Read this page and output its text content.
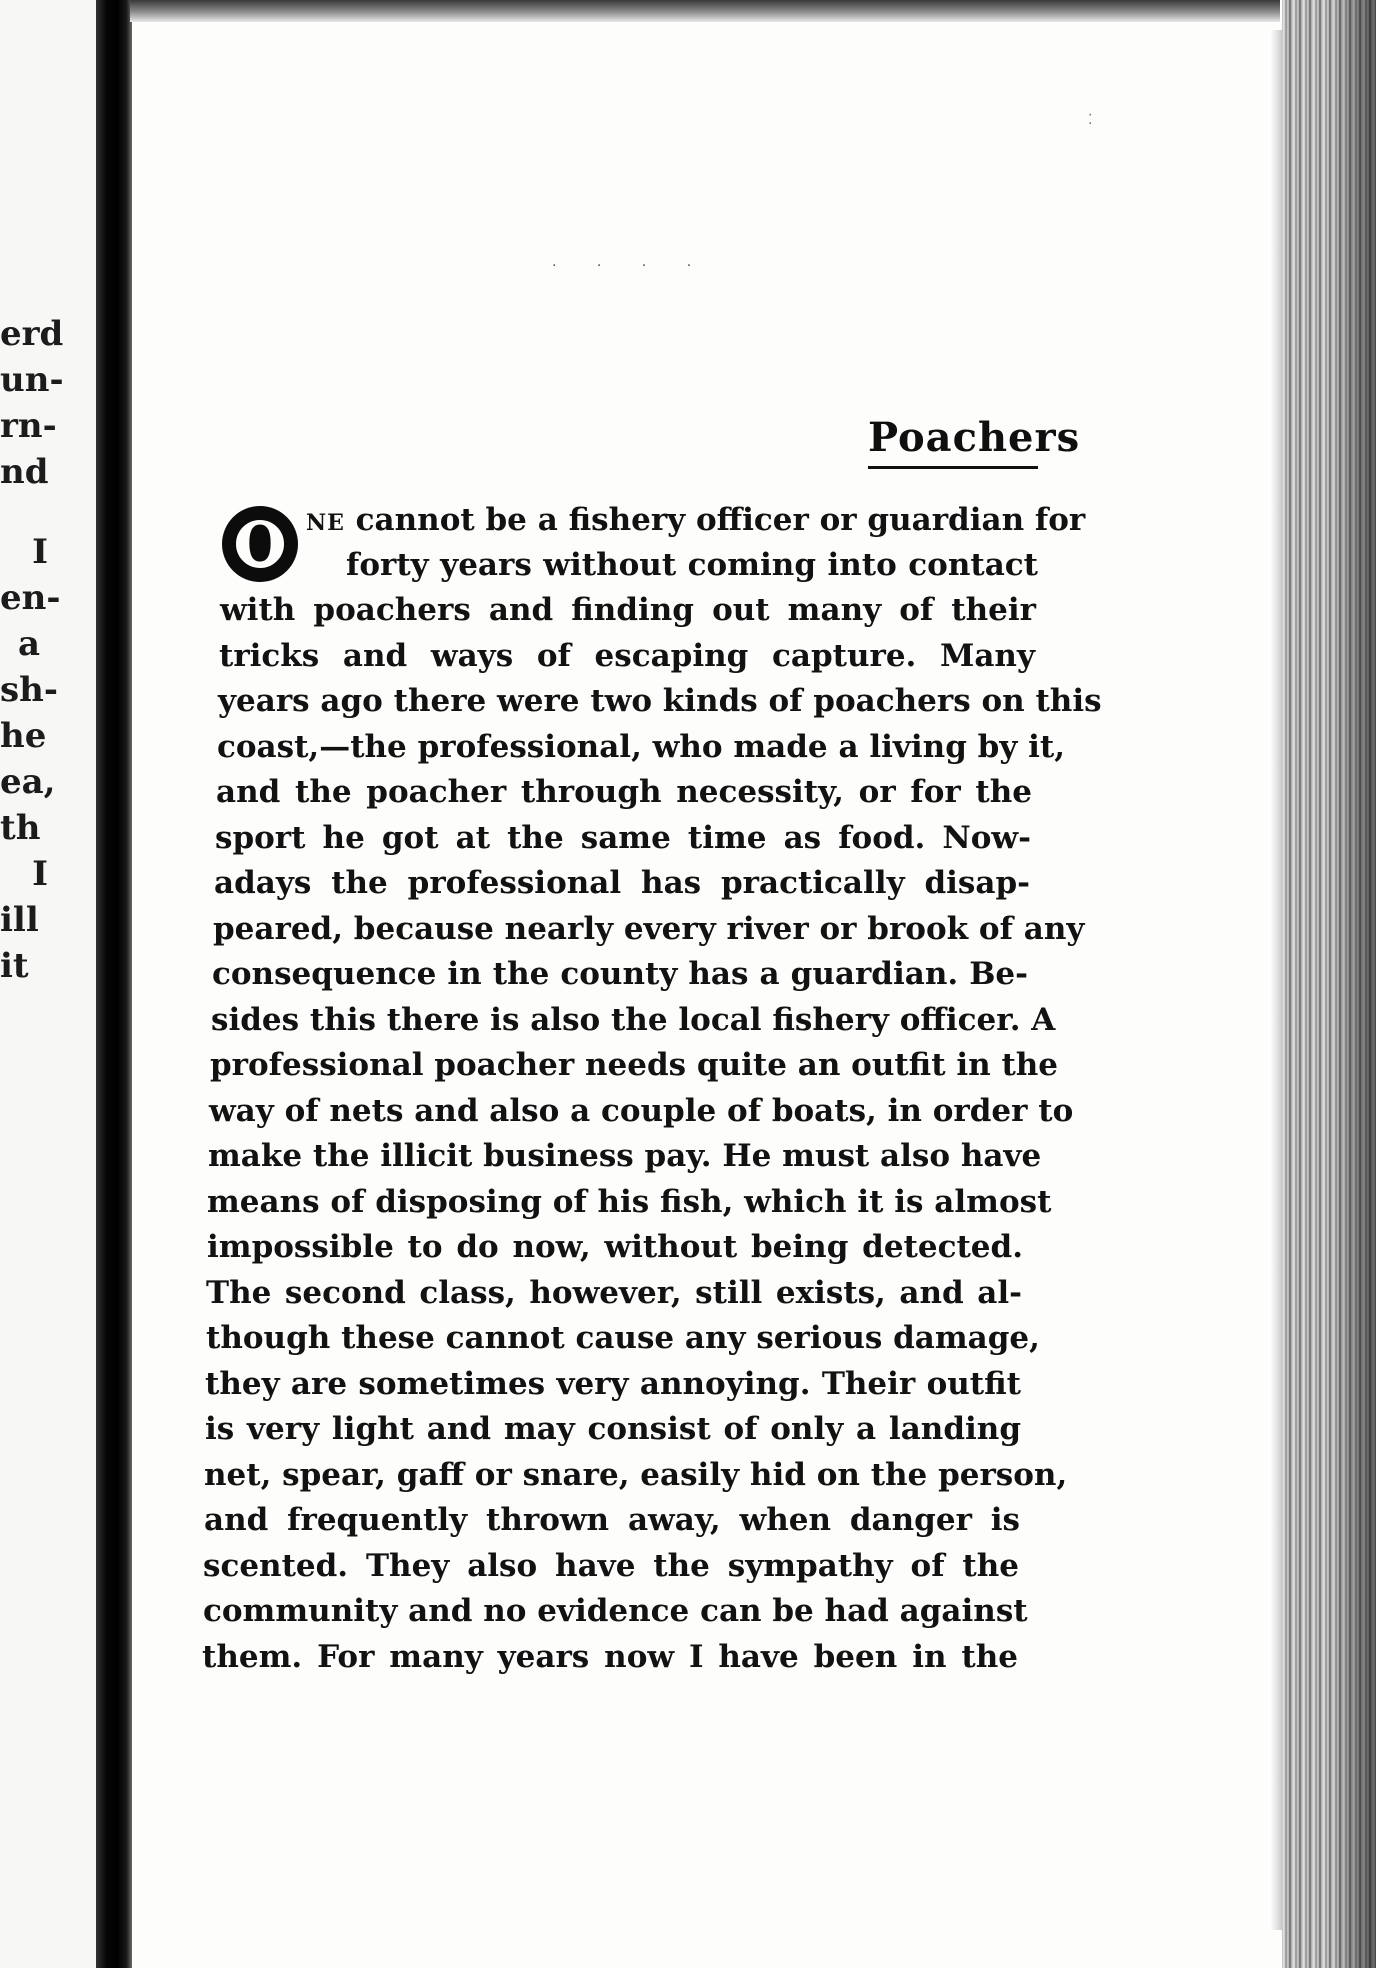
erd
un-
rn-
nd
I
en-
a
sh-
he
ea,
th
I
ill
it
· · · ·
⁚
Poachers
O NE cannot be a fishery officer or guardian for
forty years without coming into contact
with poachers and finding out many of their
tricks and ways of escaping capture. Many
years ago there were two kinds of poachers on this
coast,—the professional, who made a living by it,
and the poacher through necessity, or for the
sport he got at the same time as food. Now-
adays the professional has practically disap-
peared, because nearly every river or brook of any
consequence in the county has a guardian. Be-
sides this there is also the local fishery officer. A
professional poacher needs quite an outfit in the
way of nets and also a couple of boats, in order to
make the illicit business pay. He must also have
means of disposing of his fish, which it is almost
impossible to do now, without being detected.
The second class, however, still exists, and al-
though these cannot cause any serious damage,
they are sometimes very annoying. Their outfit
is very light and may consist of only a landing
net, spear, gaff or snare, easily hid on the person,
and frequently thrown away, when danger is
scented. They also have the sympathy of the
community and no evidence can be had against
them. For many years now I have been in the
